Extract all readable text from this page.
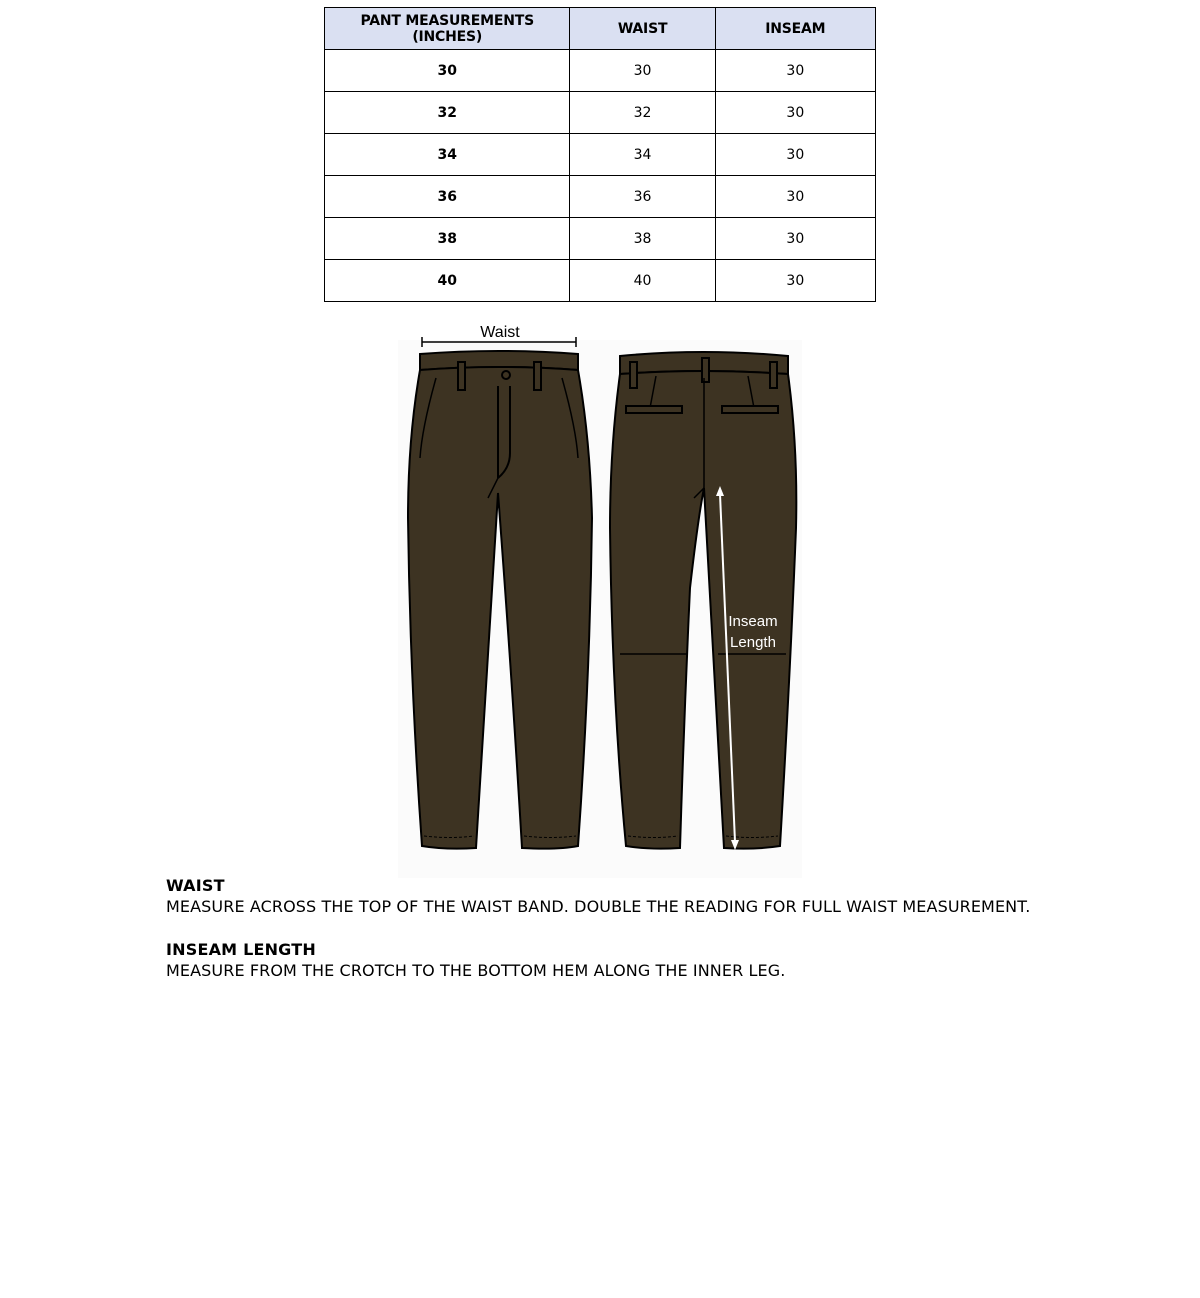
PANT MEASUREMENTS (INCHES)	WAIST	INSEAM
30	30	30
32	32	30
34	34	30
36	36	30
38	38	30
40	40	30
Waist
Inseam
Length
WAIST
MEASURE ACROSS THE TOP OF THE WAIST BAND. DOUBLE THE READING FOR FULL WAIST MEASUREMENT.
INSEAM LENGTH
MEASURE FROM THE CROTCH TO THE BOTTOM HEM ALONG THE INNER LEG.
